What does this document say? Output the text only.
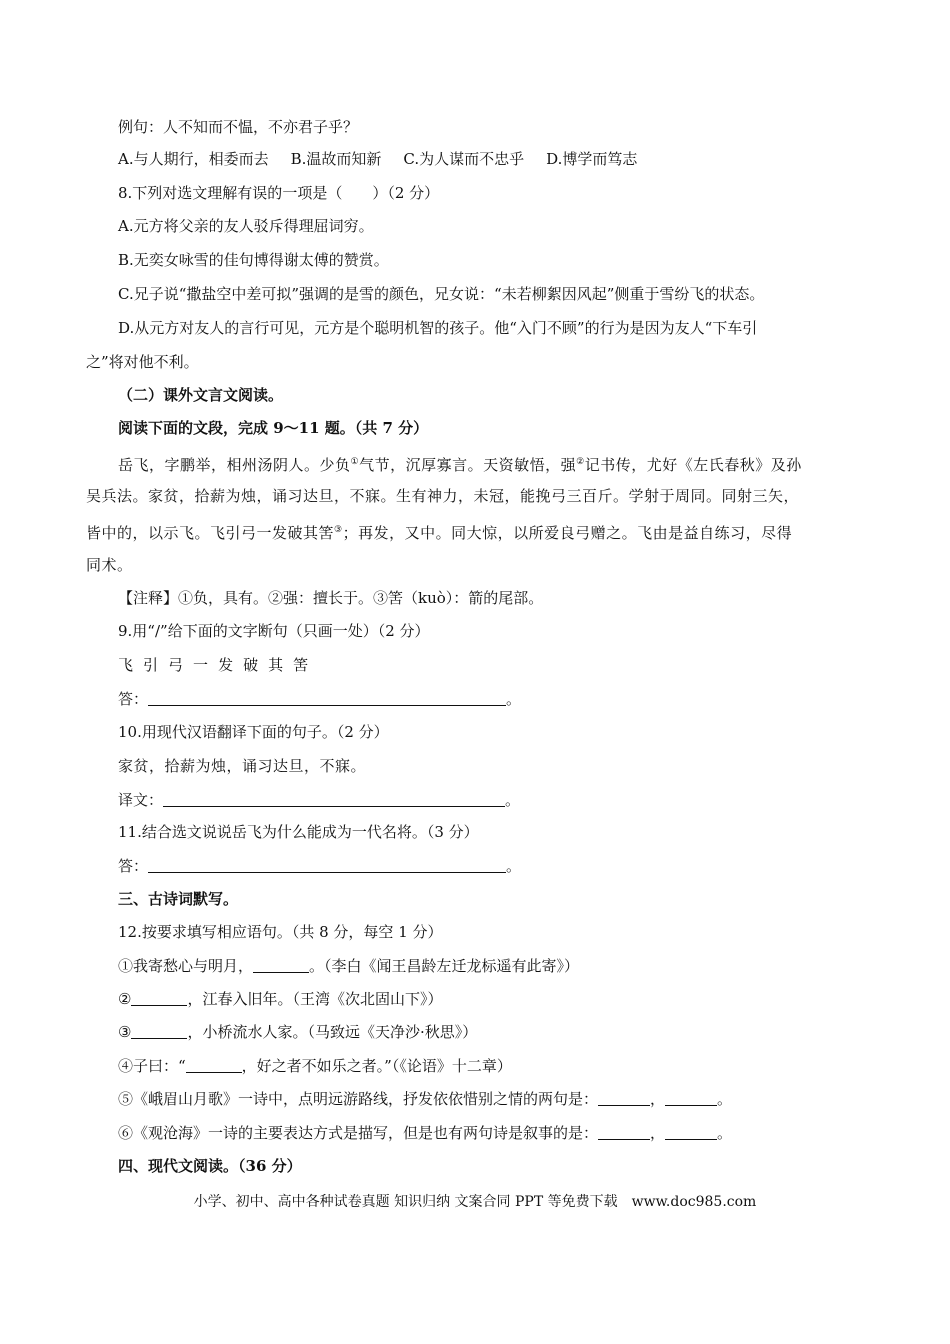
例句：人不知而不愠，不亦君子乎？
A.与人期行，相委而去 B.温故而知新 C.为人谋而不忠乎 D.博学而笃志
8.下列对选文理解有误的一项是（　　）（2 分）
A.元方将父亲的友人驳斥得理屈词穷。
B.无奕女咏雪的佳句博得谢太傅的赞赏。
C.兄子说“撒盐空中差可拟”强调的是雪的颜色，兄女说：“未若柳絮因风起”侧重于雪纷飞的状态。
D.从元方对友人的言行可见，元方是个聪明机智的孩子。他“入门不顾”的行为是因为友人“下车引
之”将对他不利。
（二）课外文言文阅读。
阅读下面的文段，完成 9～11 题。（共 7 分）
岳飞，字鹏举，相州汤阴人。少负①气节，沉厚寡言。天资敏悟，强②记书传，尤好《左氏春秋》及孙
吴兵法。家贫，拾薪为烛，诵习达旦，不寐。生有神力，未冠，能挽弓三百斤。学射于周同。同射三矢，
皆中的，以示飞。飞引弓一发破其筈③；再发，又中。同大惊，以所爱良弓赠之。飞由是益自练习，尽得
同术。
【注释】①负，具有。②强：擅长于。③筈（kuò）：箭的尾部。
9.用“/”给下面的文字断句（只画一处）（2 分）
飞 引 弓 一 发 破 其 筈
答：	。
10.用现代汉语翻译下面的句子。（2 分）
家贫，拾薪为烛，诵习达旦，不寐。
译文：	。
11.结合选文说说岳飞为什么能成为一代名将。（3 分）
答：	。
三、古诗词默写。
12.按要求填写相应语句。（共 8 分，每空 1 分）
①我寄愁心与明月，	。（李白《闻王昌龄左迁龙标遥有此寄》）
②	，江春入旧年。（王湾《次北固山下》）
③	，小桥流水人家。（马致远《天净沙·秋思》）
④子曰：“	，好之者不如乐之者。”（《论语》十二章）
⑤《峨眉山月歌》一诗中，点明远游路线，抒发依依惜别之情的两句是：	，	。
⑥《观沧海》一诗的主要表达方式是描写，但是也有两句诗是叙事的是：	，	。
四、现代文阅读。（36 分）
小学、初中、高中各种试卷真题 知识归纳 文案合同 PPT 等免费下载　www.doc985.com
